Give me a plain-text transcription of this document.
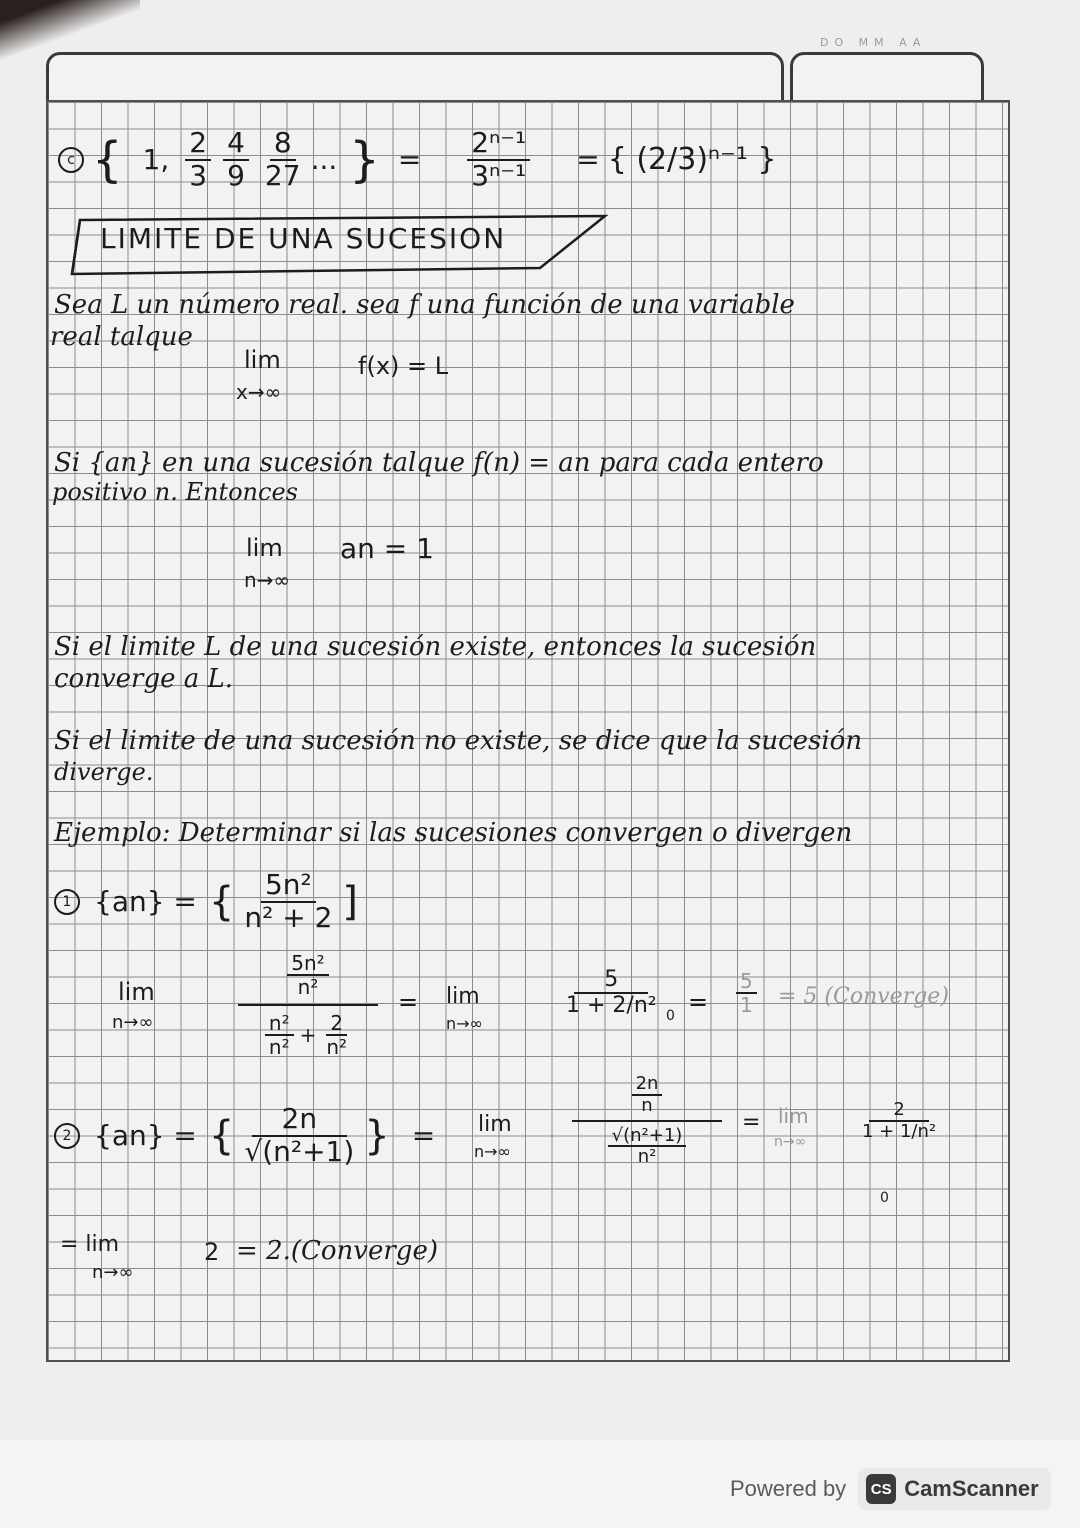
DO MM AA
c { 1, $\frac{2}{3} \frac{4}{9} \frac{8}{27}$ ... } = $\frac{\text{2ⁿ⁻¹}}{\text{3ⁿ⁻¹}}$ = { (2/3)ⁿ⁻¹ }
LIMITE DE UNA SUCESION
Sea L un número real. sea f una función de una variable
real talque
lim
x→∞
f(x) = L
Si {an} en una sucesión talque f(n) = an para cada entero
positivo n. Entonces
lim
n→∞
an = 1
Si el limite L de una sucesión existe, entonces la sucesión
converge a L.
Si el limite de una sucesión no existe, se dice que la sucesión
diverge.
Ejemplo: Determinar si las sucesiones convergen o divergen
1 {an} = { $\frac{\text{5n²}}{\text{n² + 2}}$ ]
lim
n→∞
$\frac{\text{5n²}}{\text{n²}}$
$\frac{\text{n²}}{\text{n²}} + \frac{2}{\text{n²}}$
= lim
n→∞
$\frac{5}{\text{1 + 2/n²}} 0 = \frac{5}{1} = 5$ (Converge)
2 {an} = { $\frac{2n}{\text{√(n²+1)}}$ } = lim
n→∞
$\frac{2n}{n}$
$\frac{\text{√(n²+1)}}{\text{n²}}$
= lim
n→∞
$\frac{2}{\text{1 + 1/n²}}$
0
= lim
n→∞
2 = 2.(Converge)
Powered by	CS CamScanner
